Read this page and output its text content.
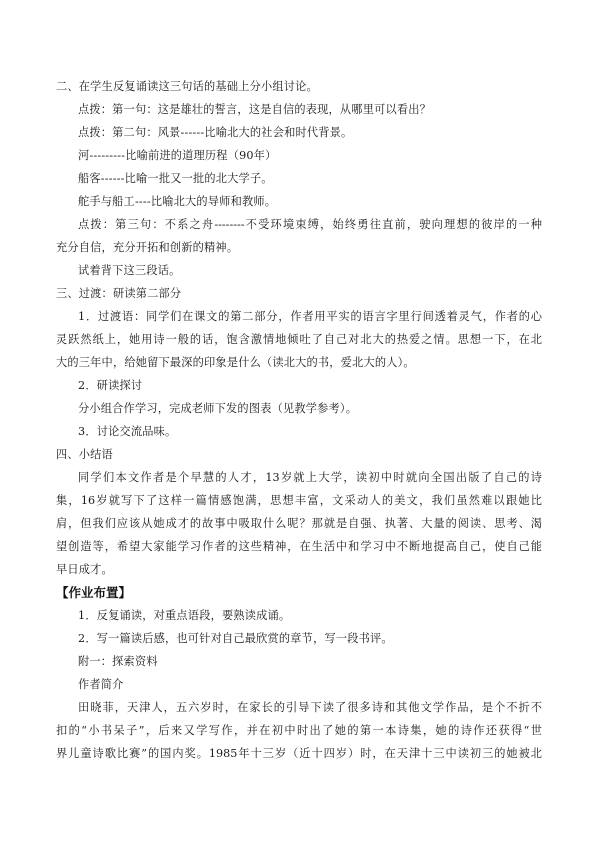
二、在学生反复诵读这三句话的基础上分小组讨论。
点拨：第一句：这是雄壮的誓言，这是自信的表现，从哪里可以看出？
点拨：第二句：风景------比喻北大的社会和时代背景。
河---------比喻前进的道理历程（90年）
船客------比喻一批又一批的北大学子。
舵手与船工----比喻北大的导师和教师。
点拨：第三句：不系之舟--------不受环境束缚，始终勇往直前，驶向理想的彼岸的一种
充分自信，充分开拓和创新的精神。
试着背下这三段话。
三、过渡：研读第二部分
1．过渡语：同学们在课文的第二部分，作者用平实的语言字里行间透着灵气，作者的心
灵跃然纸上，她用诗一般的话，饱含激情地倾吐了自己对北大的热爱之情。思想一下，在北
大的三年中，给她留下最深的印象是什么（读北大的书，爱北大的人）。
2．研读探讨
分小组合作学习，完成老师下发的图表（见教学参考）。
3．讨论交流品味。
四、小结语
同学们本文作者是个早慧的人才，13岁就上大学，读初中时就向全国出版了自己的诗
集，16岁就写下了这样一篇情感饱满，思想丰富，文采动人的美文，我们虽然难以跟她比
肩，但我们应该从她成才的故事中吸取什么呢？那就是自强、执著、大量的阅读、思考、渴
望创造等，希望大家能学习作者的这些精神，在生活中和学习中不断地提高自己，使自己能
早日成才。
【作业布置】
1．反复诵读，对重点语段，要熟读成诵。
2．写一篇读后感，也可针对自己最欣赏的章节，写一段书评。
附一：探索资料
作者简介
田晓菲，天津人，五六岁时，在家长的引导下读了很多诗和其他文学作品，是个不折不
扣的“小书呆子”，后来又学写作，并在初中时出了她的第一本诗集，她的诗作还获得“世
界儿童诗歌比赛”的国内奖。1985年十三岁（近十四岁）时，在天津十三中读初三的她被北
